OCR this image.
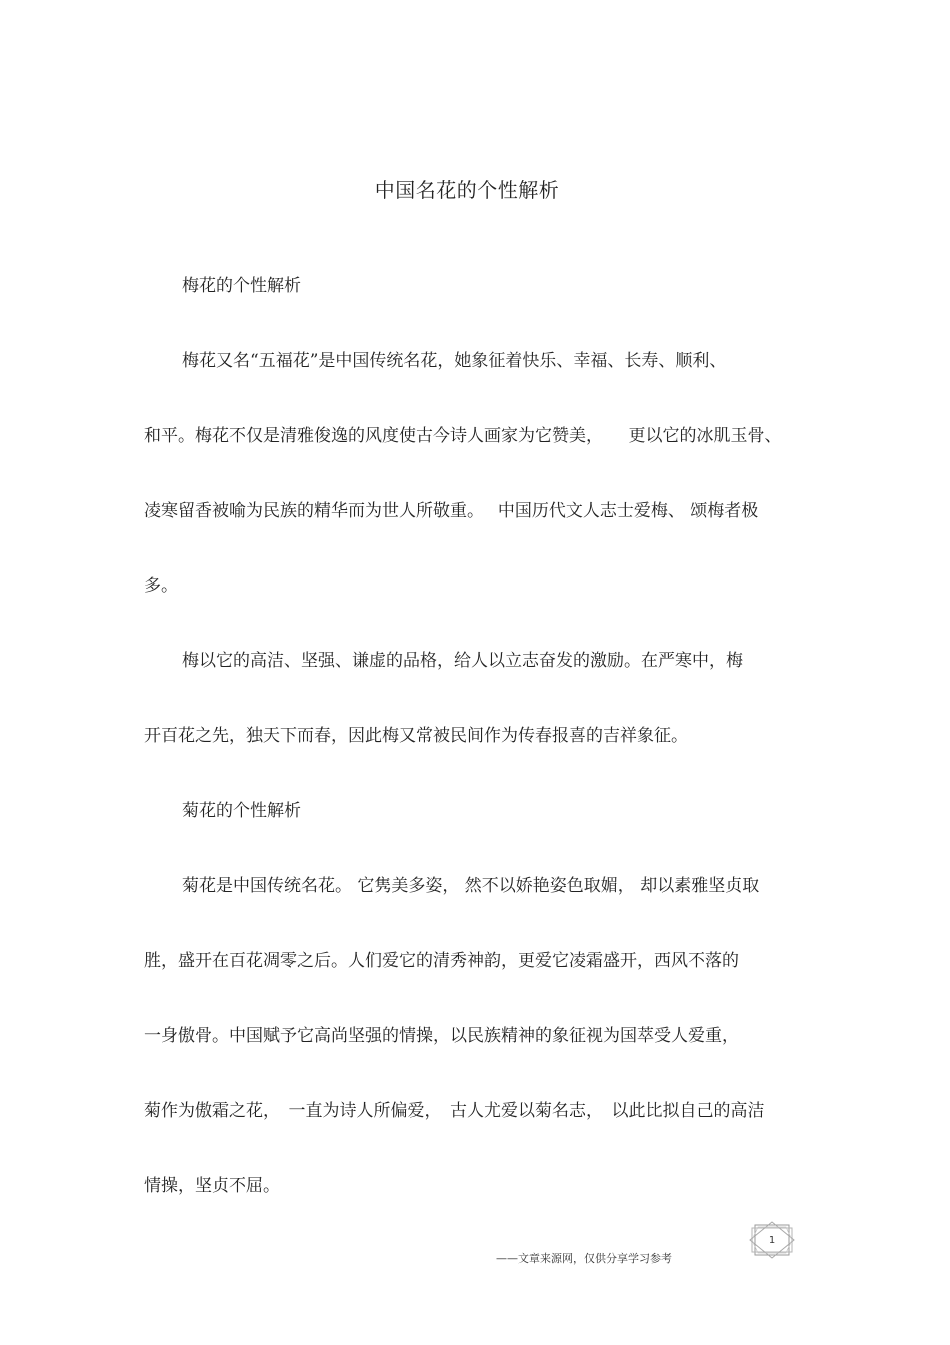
中国名花的个性解析
梅花的个性解析
梅花又名“五福花”是中国传统名花，她象征着快乐、幸福、长寿、顺利、
和平。梅花不仅是清雅俊逸的风度使古今诗人画家为它赞美，　　更以它的冰肌玉骨、
凌寒留香被喻为民族的精华而为世人所敬重。　 中国历代文人志士爱梅、 颂梅者极
多。
梅以它的高洁、坚强、谦虚的品格，给人以立志奋发的激励。在严寒中，梅
开百花之先，独天下而春，因此梅又常被民间作为传春报喜的吉祥象征。
菊花的个性解析
菊花是中国传统名花。 它隽美多姿， 然不以娇艳姿色取媚， 却以素雅坚贞取
胜，盛开在百花凋零之后。人们爱它的清秀神韵，更爱它凌霜盛开，西风不落的
一身傲骨。中国赋予它高尚坚强的情操，以民族精神的象征视为国萃受人爱重，
菊作为傲霜之花，　一直为诗人所偏爱，　古人尤爱以菊名志，　以此比拟自己的高洁
情操，坚贞不屈。
——文章来源网，仅供分享学习参考
1
